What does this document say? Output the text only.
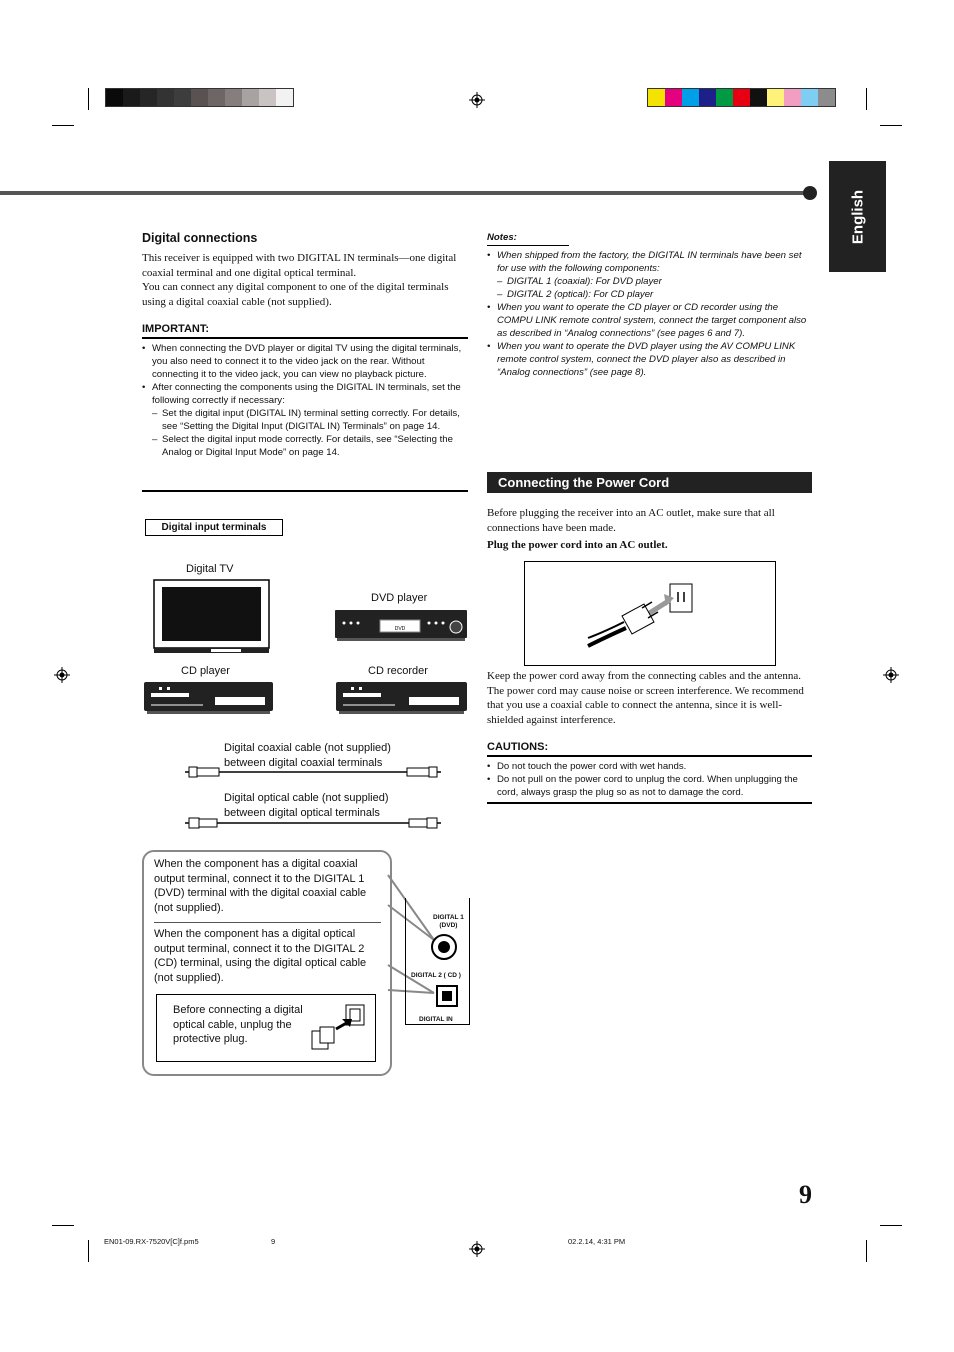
English
Digital connections
This receiver is equipped with two DIGITAL IN terminals—one digital coaxial terminal and one digital optical terminal.
You can connect any digital component to one of the digital terminals using a digital coaxial cable (not supplied).
IMPORTANT:
• When connecting the DVD player or digital TV using the digital terminals, you also need to connect it to the video jack on the rear. Without connecting it to the video jack, you can view no playback picture.
• After connecting the components using the DIGITAL IN terminals, set the following correctly if necessary:
– Set the digital input (DIGITAL IN) terminal setting correctly. For details, see “Setting the Digital Input (DIGITAL IN) Terminals” on page 14.
– Select the digital input mode correctly. For details, see “Selecting the Analog or Digital Input Mode” on page 14.
Digital input terminals
Digital TV
DVD player
DVD
CD player	CD recorder
Digital coaxial cable (not supplied)
between digital coaxial terminals
Digital optical cable (not supplied)
between digital optical terminals
When the component has a digital coaxial output terminal, connect it to the DIGITAL 1 (DVD) terminal with the digital coaxial cable (not supplied).
When the component has a digital optical output terminal, connect it to the DIGITAL 2 (CD) terminal, using the digital optical cable (not supplied).
Before connecting a digital optical cable, unplug the protective plug.
DIGITAL 1
(DVD)
DIGITAL 2 ( CD )
DIGITAL IN
Notes:
• When shipped from the factory, the DIGITAL IN terminals have been set for use with the following components:
– DIGITAL 1 (coaxial): For DVD player
– DIGITAL 2 (optical): For CD player
• When you want to operate the CD player or CD recorder using the COMPU LINK remote control system, connect the target component also as described in “Analog connections” (see pages 6 and 7).
• When you want to operate the DVD player using the AV COMPU LINK remote control system, connect the DVD player also as described in “Analog connections” (see page 8).
Connecting the Power Cord
Before plugging the receiver into an AC outlet, make sure that all connections have been made.
Plug the power cord into an AC outlet.
Keep the power cord away from the connecting cables and the antenna. The power cord may cause noise or screen interference. We recommend that you use a coaxial cable to connect the antenna, since it is well-shielded against interference.
CAUTIONS:
• Do not touch the power cord with wet hands.
• Do not pull on the power cord to unplug the cord. When unplugging the cord, always grasp the plug so as not to damage the cord.
9
EN01-09.RX-7520V[C]f.pm5	9	02.2.14, 4:31 PM
